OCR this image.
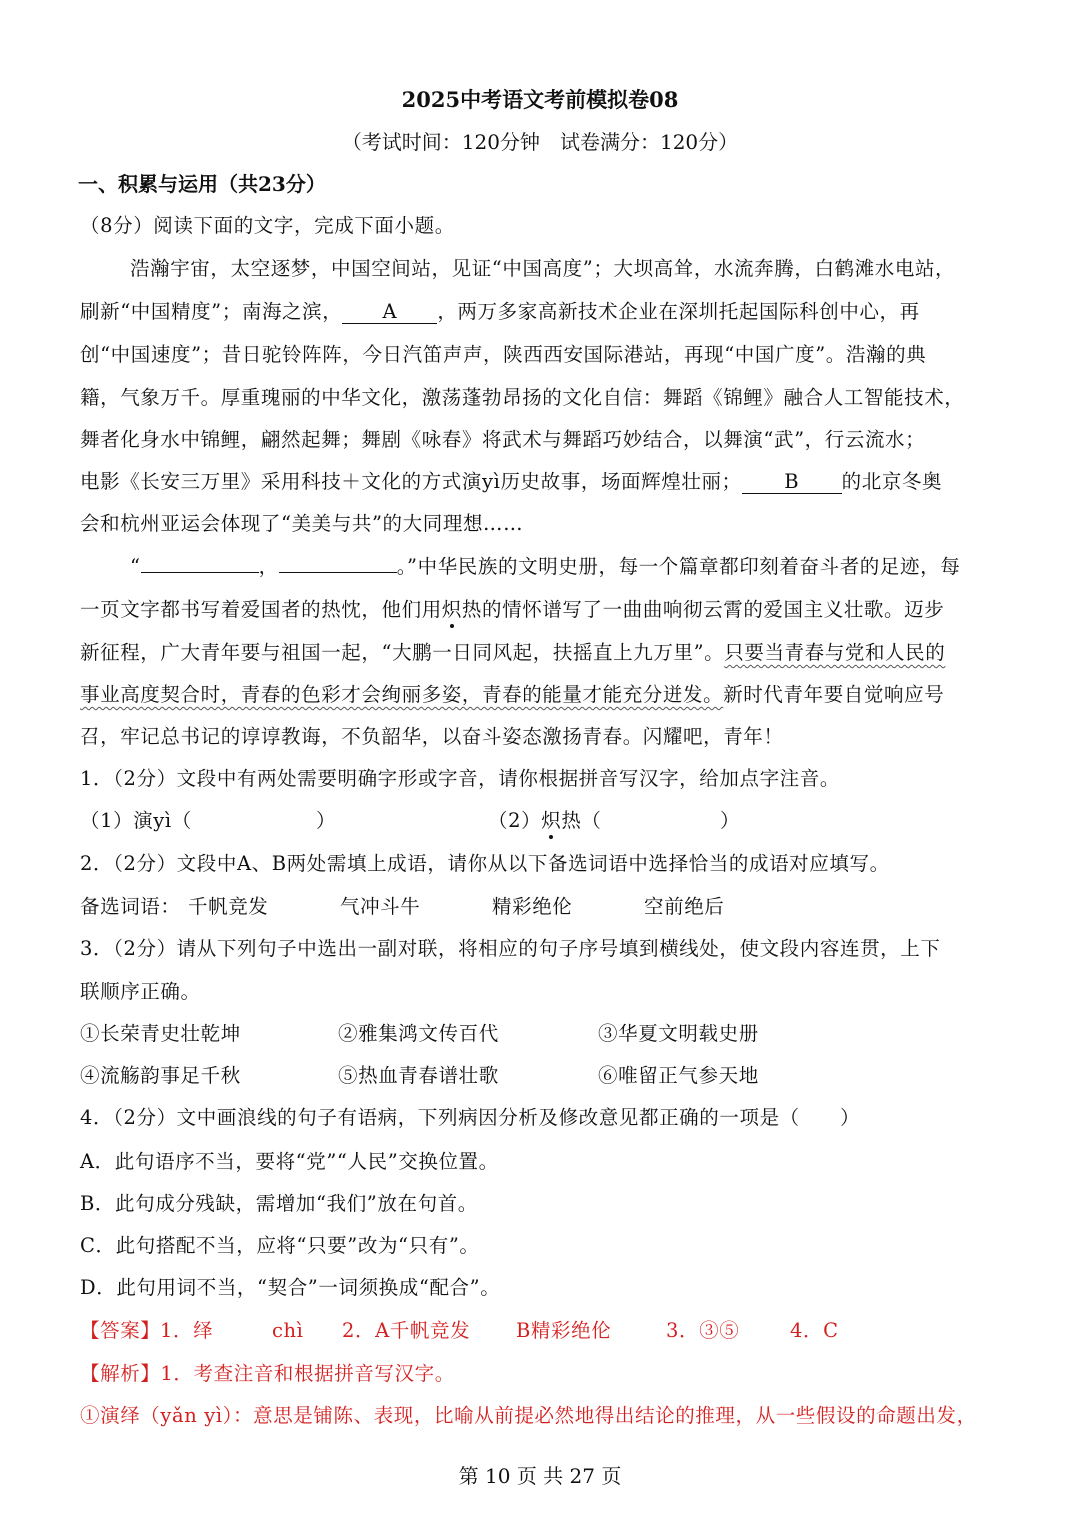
2025中考语文考前模拟卷08
（考试时间：120分钟　试卷满分：120分）
一、积累与运用（共23分）
（8分）阅读下面的文字，完成下面小题。
浩瀚宇宙，太空逐梦，中国空间站，见证“中国高度”；大坝高耸，水流奔腾，白鹤滩水电站，
刷新“中国精度”；南海之滨， A ，两万多家高新技术企业在深圳托起国际科创中心，再
创“中国速度”；昔日驼铃阵阵，今日汽笛声声，陕西西安国际港站，再现“中国广度”。浩瀚的典
籍，气象万千。厚重瑰丽的中华文化，激荡蓬勃昂扬的文化自信：舞蹈《锦鲤》融合人工智能技术，
舞者化身水中锦鲤，翩然起舞；舞剧《咏春》将武术与舞蹈巧妙结合，以舞演“武”，行云流水；
电影《长安三万里》采用科技＋文化的方式演yì历史故事，场面辉煌壮丽； B 的北京冬奥
会和杭州亚运会体现了“美美与共”的大同理想……
“	，	。”中华民族的文明史册，每一个篇章都印刻着奋斗者的足迹，每
一页文字都书写着爱国者的热忱，他们用炽热的情怀谱写了一曲曲响彻云霄的爱国主义壮歌。迈步
新征程，广大青年要与祖国一起，“大鹏一日同风起，扶摇直上九万里”。只要当青春与党和人民的
事业高度契合时，青春的色彩才会绚丽多姿，青春的能量才能充分迸发。新时代青年要自觉响应号
召，牢记总书记的谆谆教诲，不负韶华，以奋斗姿态激扬青春。闪耀吧，青年！
1．（2分）文段中有两处需要明确字形或字音，请你根据拼音写汉字，给加点字注音。
（1）演yì（	）	（2）炽热（	）
2．（2分）文段中A、B两处需填上成语，请你从以下备选词语中选择恰当的成语对应填写。
备选词语： 千帆竞发	气冲斗牛	精彩绝伦	空前绝后
3．（2分）请从下列句子中选出一副对联，将相应的句子序号填到横线处，使文段内容连贯，上下
联顺序正确。
①长荣青史壮乾坤	②雅集鸿文传百代	③华夏文明载史册
④流觞韵事足千秋	⑤热血青春谱壮歌	⑥唯留正气参天地
4．（2分）文中画浪线的句子有语病，下列病因分析及修改意见都正确的一项是（　　）
A．此句语序不当，要将“党”“人民”交换位置。
B．此句成分残缺，需增加“我们”放在句首。
C．此句搭配不当，应将“只要”改为“只有”。
D．此句用词不当，“契合”一词须换成“配合”。
【答案】 1．绎	chì 2．A千帆竞发 B精彩绝伦	3．③⑤	4．C
【解析】1．考查注音和根据拼音写汉字。
①演绎（yǎn yì）：意思是铺陈、表现，比喻从前提必然地得出结论的推理，从一些假设的命题出发，
第 10 页 共 27 页
